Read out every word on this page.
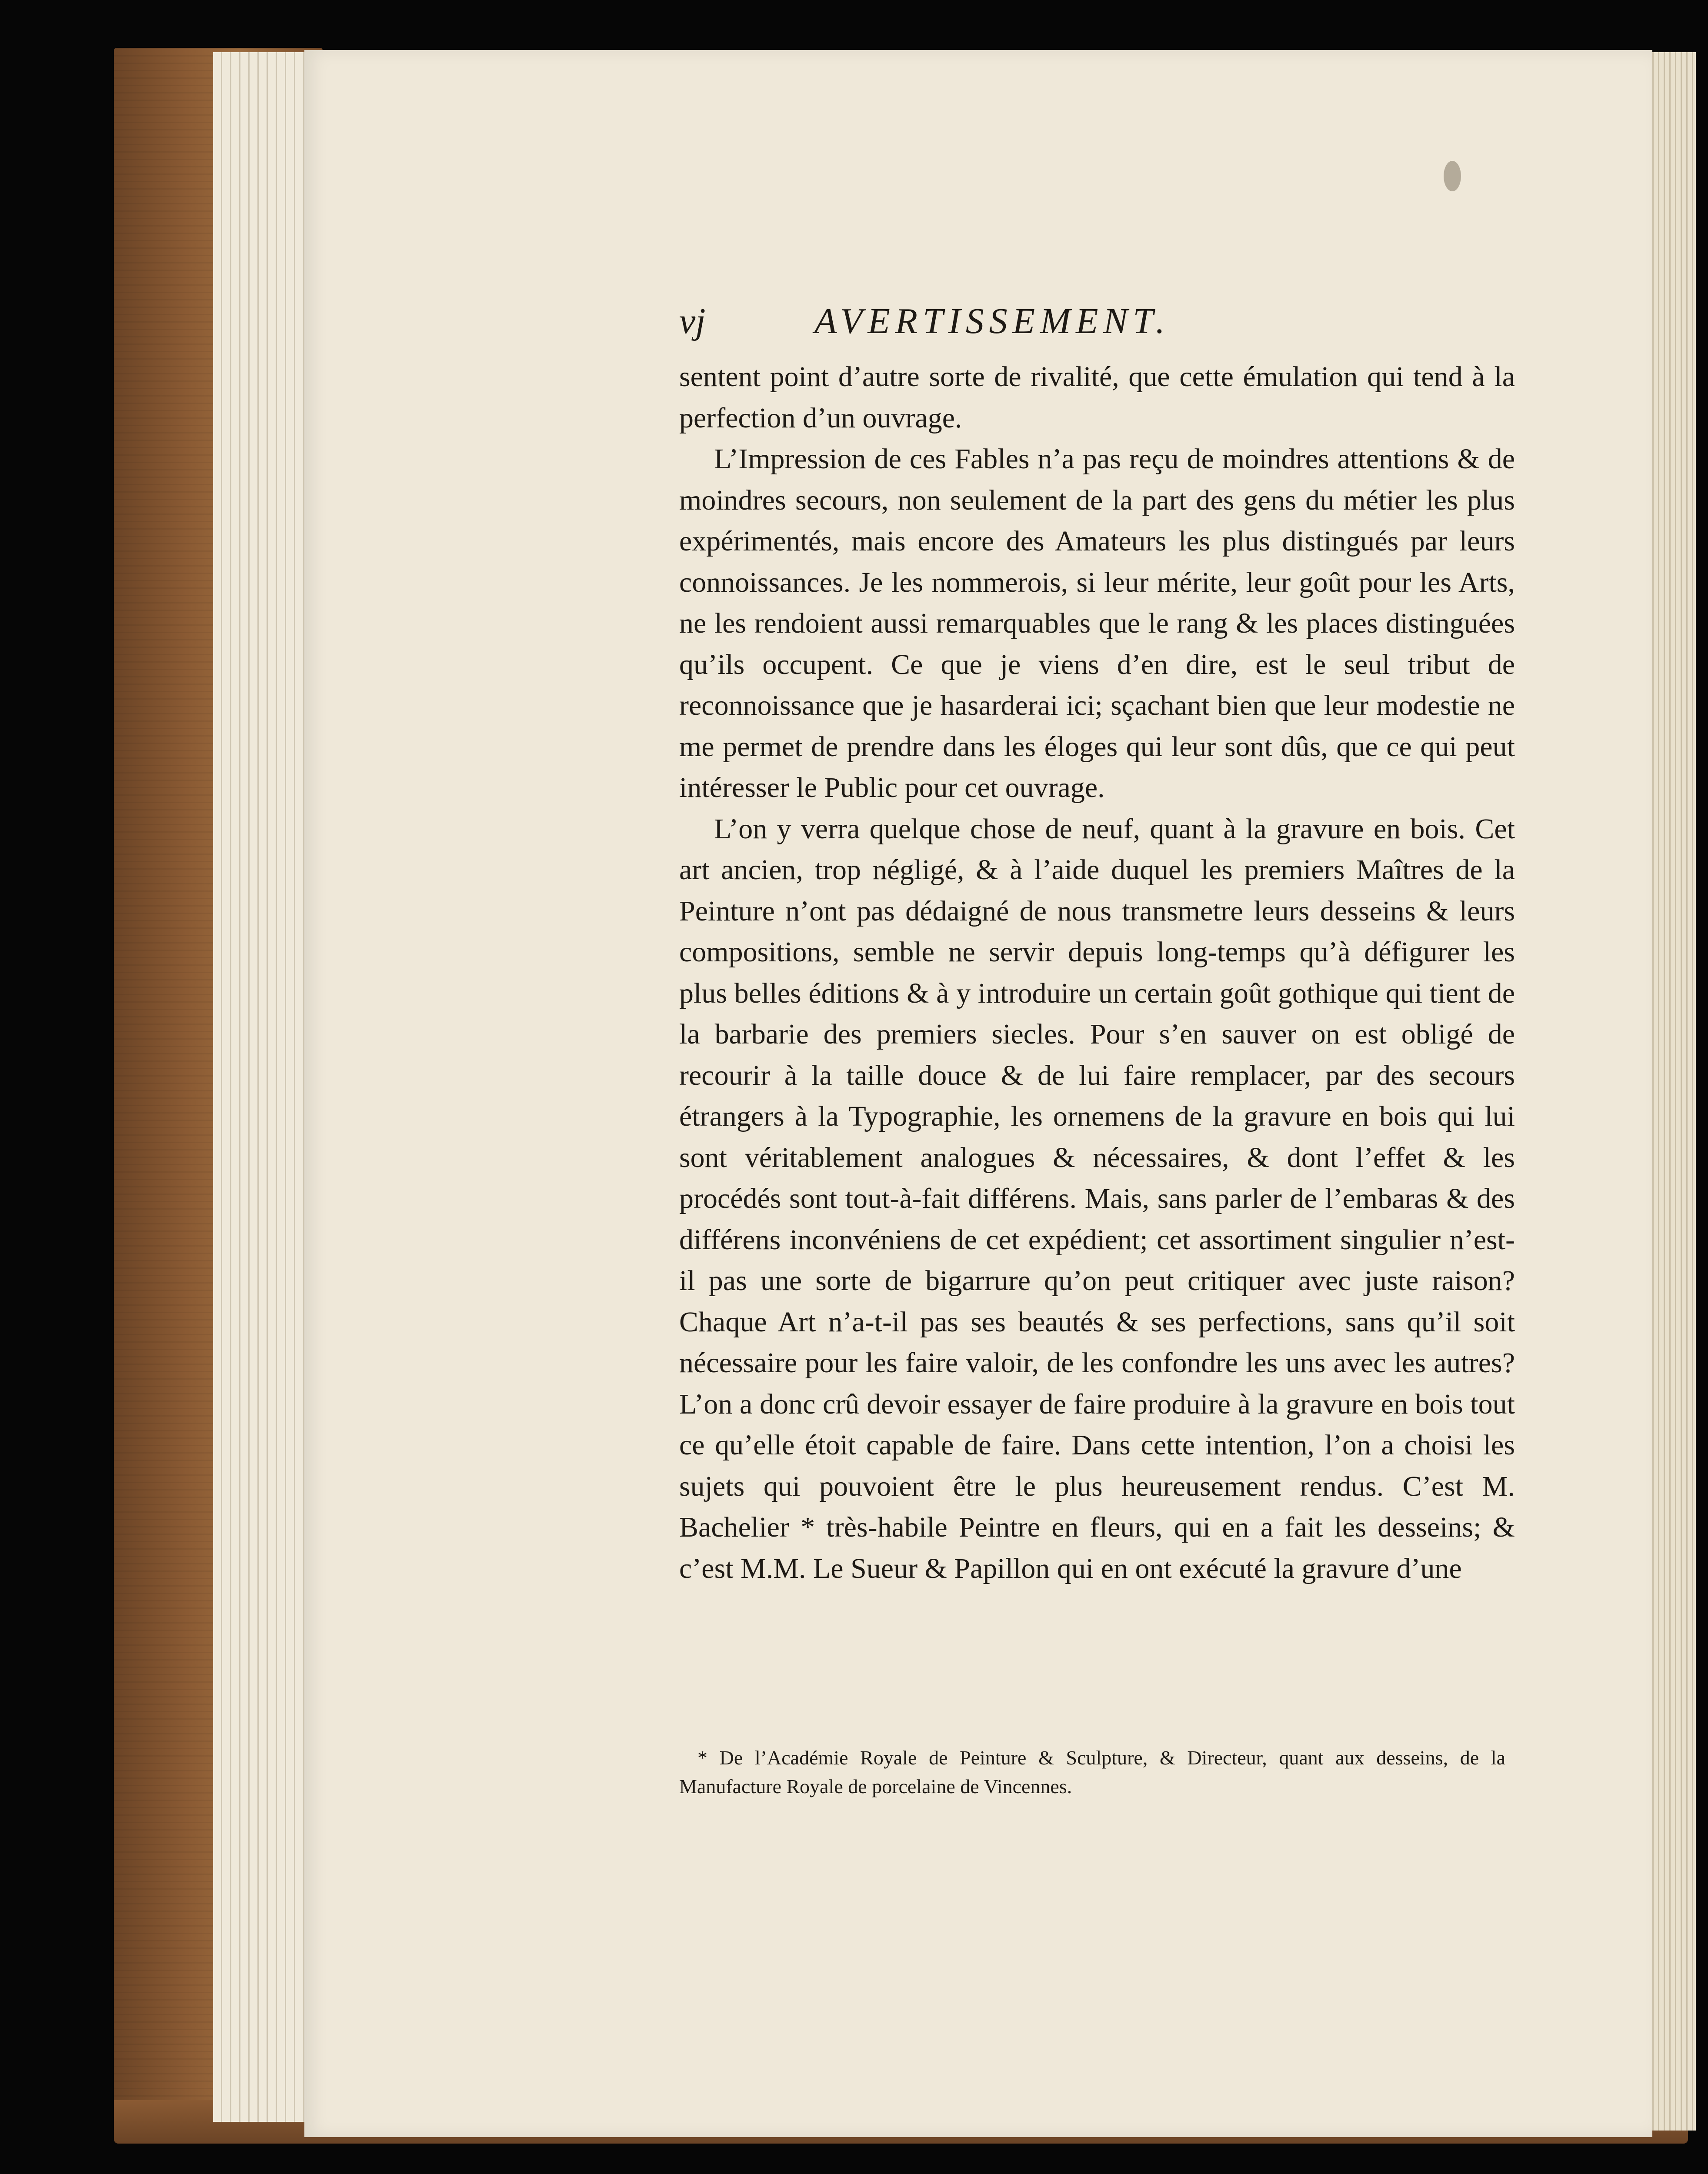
vj	AVERTISSEMENT.

sentent point d’autre sorte de rivalité, que cette émulation qui tend à la perfection d’un ouvrage.

L’Impression de ces Fables n’a pas reçu de moindres attentions & de moindres secours, non seulement de la part des gens du métier les plus expérimentés, mais encore des Amateurs les plus distingués par leurs connoissances. Je les nommerois, si leur mérite, leur goût pour les Arts, ne les rendoient aussi remarquables que le rang & les places distinguées qu’ils occupent. Ce que je viens d’en dire, est le seul tribut de reconnoissance que je hasarderai ici; sçachant bien que leur modestie ne me permet de prendre dans les éloges qui leur sont dûs, que ce qui peut intéresser le Public pour cet ouvrage.

L’on y verra quelque chose de neuf, quant à la gravure en bois. Cet art ancien, trop négligé, & à l’aide duquel les premiers Maîtres de la Peinture n’ont pas dédaigné de nous transmetre leurs desseins & leurs compositions, semble ne servir depuis long-temps qu’à défigurer les plus belles éditions & à y introduire un certain goût gothique qui tient de la barbarie des premiers siecles. Pour s’en sauver on est obligé de recourir à la taille douce & de lui faire remplacer, par des secours étrangers à la Typographie, les ornemens de la gravure en bois qui lui sont véritablement analogues & nécessaires, & dont l’effet & les procédés sont tout-à-fait différens. Mais, sans parler de l’embaras & des différens inconvéniens de cet expédient; cet assortiment singulier n’est-il pas une sorte de bigarrure qu’on peut critiquer avec juste raison? Chaque Art n’a-t-il pas ses beautés & ses perfections, sans qu’il soit nécessaire pour les faire valoir, de les confondre les uns avec les autres? L’on a donc crû devoir essayer de faire produire à la gravure en bois tout ce qu’elle étoit capable de faire. Dans cette intention, l’on a choisi les sujets qui pouvoient être le plus heureusement rendus. C’est M. Bachelier * très-habile Peintre en fleurs, qui en a fait les desseins; & c’est M.M. Le Sueur & Papillon qui en ont exécuté la gravure d’une

* De l’Académie Royale de Peinture & Sculpture, & Directeur, quant aux desseins, de la Manufacture Royale de porcelaine de Vincennes.
